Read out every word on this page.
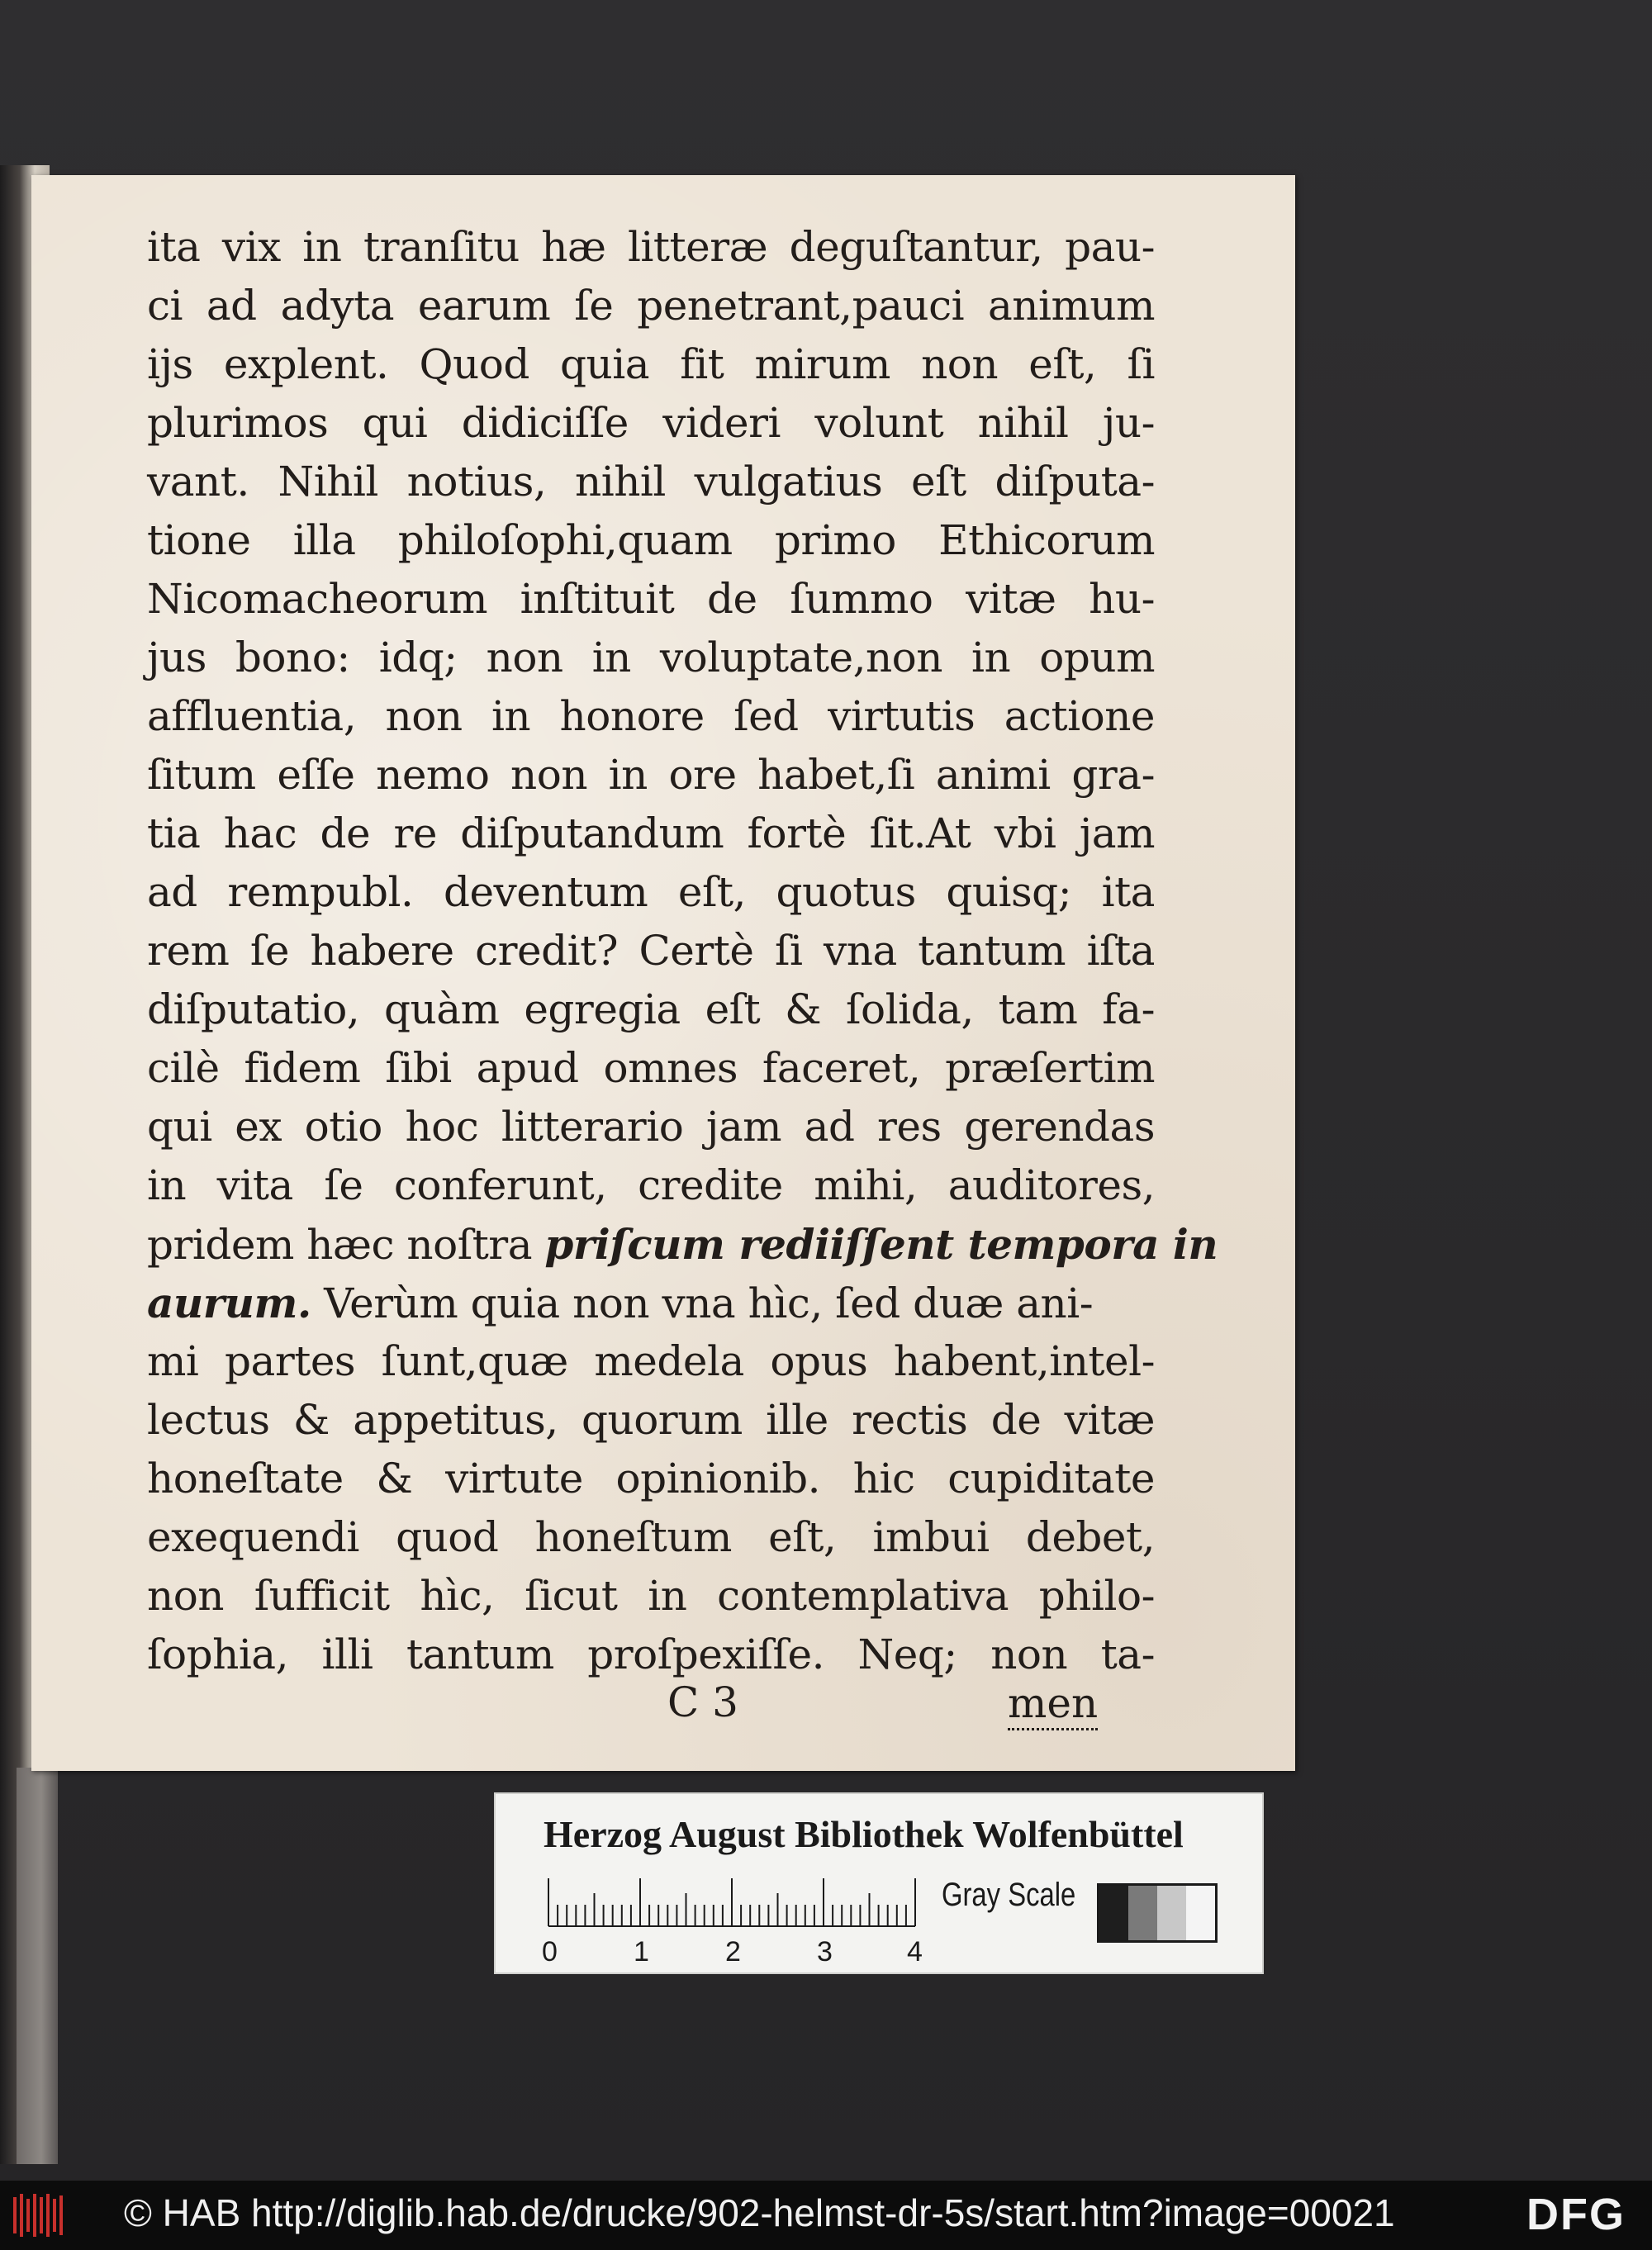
ita vix in tranſitu hæ litteræ deguſtantur, pau-
ci ad adyta earum ſe penetrant,pauci animum
ijs explent. Quod quia fit mirum non eſt, ſi
plurimos qui didiciſſe videri volunt nihil ju-
vant. Nihil notius, nihil vulgatius eſt diſputa-
tione illa philoſophi,quam primo Ethicorum
Nicomacheorum inſtituit de ſummo vitæ hu-
jus bono: idq; non in voluptate,non in opum
affluentia, non in honore ſed virtutis actione
ſitum eſſe nemo non in ore habet,ſi animi gra-
tia hac de re diſputandum fortè ſit.At vbi jam
ad rempubl. deventum eſt, quotus quisq; ita
rem ſe habere credit? Certè ſi vna tantum iſta
diſputatio, quàm egregia eſt & ſolida, tam fa-
cilè fidem ſibi apud omnes faceret, præſertim
qui ex otio hoc litterario jam ad res gerendas
in vita ſe conferunt, credite mihi, auditores,
pridem hæc noſtra priſcum rediiſſent tempora in
aurum. Verùm quia non vna hìc, ſed duæ ani-
mi partes ſunt,quæ medela opus habent,intel-
lectus & appetitus, quorum ille rectis de vitæ
honeſtate & virtute opinionib. hic cupiditate
exequendi quod honeſtum eſt, imbui debet,
non ſufficit hìc, ſicut in contemplativa philo-
ſophia, illi tantum proſpexiſſe. Neq; non ta-
C 3	men
Herzog August Bibliothek Wolfenbüttel
0	1	2	3	4
Gray Scale
© HAB http://diglib.hab.de/drucke/902-helmst-dr-5s/start.htm?image=00021	DFG
